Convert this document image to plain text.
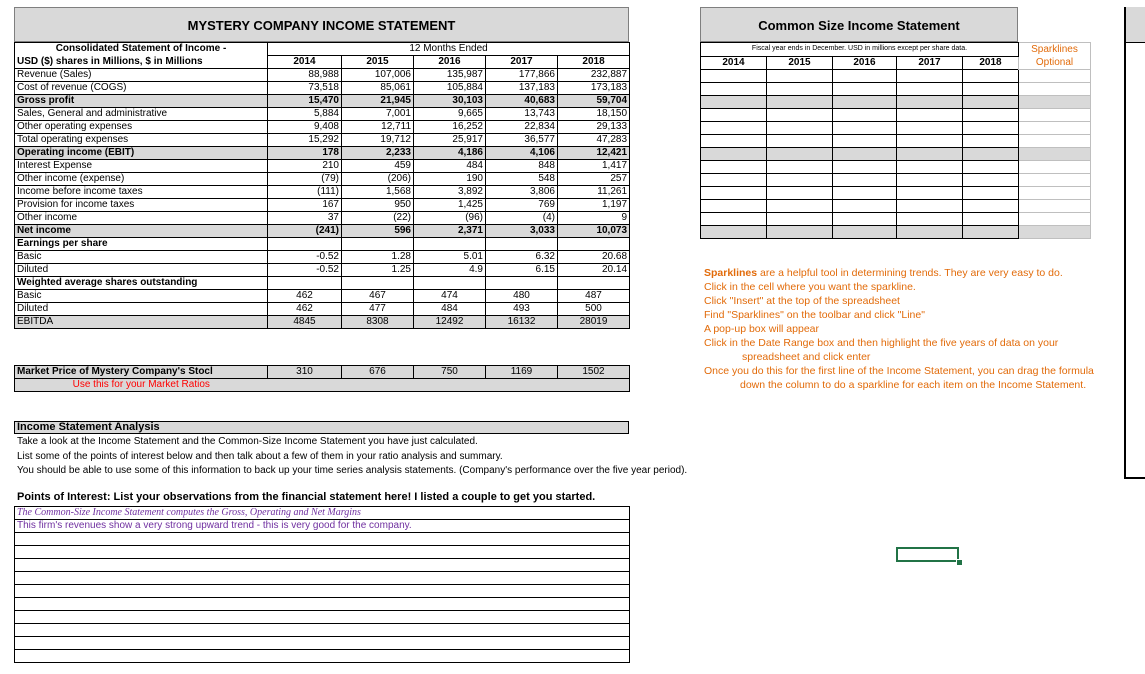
MYSTERY COMPANY INCOME STATEMENT
Consolidated Statement of Income -	12 Months Ended				
USD ($) shares in Millions, $ in Millions	2014	2015	2016	2017	2018
Revenue (Sales)	88,988	107,006	135,987	177,866	232,887
Cost of revenue (COGS)	73,518	85,061	105,884	137,183	173,183
Gross profit	15,470	21,945	30,103	40,683	59,704
Sales, General and administrative	5,884	7,001	9,665	13,743	18,150
Other operating expenses	9,408	12,711	16,252	22,834	29,133
Total operating expenses	15,292	19,712	25,917	36,577	47,283
Operating income (EBIT)	178	2,233	4,186	4,106	12,421
Interest Expense	210	459	484	848	1,417
Other income (expense)	(79)	(206)	190	548	257
Income before income taxes	(111)	1,568	3,892	3,806	11,261
Provision for income taxes	167	950	1,425	769	1,197
Other income	37	(22)	(96)	(4)	9
Net income	(241)	596	2,371	3,033	10,073
Earnings per share					
Basic	-0.52	1.28	5.01	6.32	20.68
Diluted	-0.52	1.25	4.9	6.15	20.14
Weighted average shares outstanding					
Basic	462	467	474	480	487
Diluted	462	477	484	493	500
EBITDA	4845	8308	12492	16132	28019
Market Price of Mystery Company's Stocl	310	676	750	1169	1502
Use this for your Market Ratios					
Common Size Income Statement
Fiscal year ends in December. USD in millions except per share data.					Sparklines
Optional
2014	2015	2016	2017	2018	

Sparklines are a helpful tool in determining trends. They are very easy to do.
Click in the cell where you want the sparkline.
Click "Insert" at the top of the spreadsheet
Find "Sparklines" on the toolbar and click "Line"
A pop-up box will appear
Click in the Date Range box and then highlight the five years of data on your
spreadsheet and click enter
Once you do this for the first line of the Income Statement, you can drag the formula
down the column to do a sparkline for each item on the Income Statement.
Income Statement Analysis
Take a look at the Income Statement and the Common-Size Income Statement you have just calculated.
List some of the points of interest below and then talk about a few of them in your ratio analysis and summary.
You should be able to use some of this information to back up your time series analysis statements. (Company's performance over the five year period).
Points of Interest: List your observations from the financial statement here! I listed a couple to get you started.
The Common-Size Income Statement computes the Gross, Operating and Net Margins
This firm's revenues show a very strong upward trend - this is very good for the company.
